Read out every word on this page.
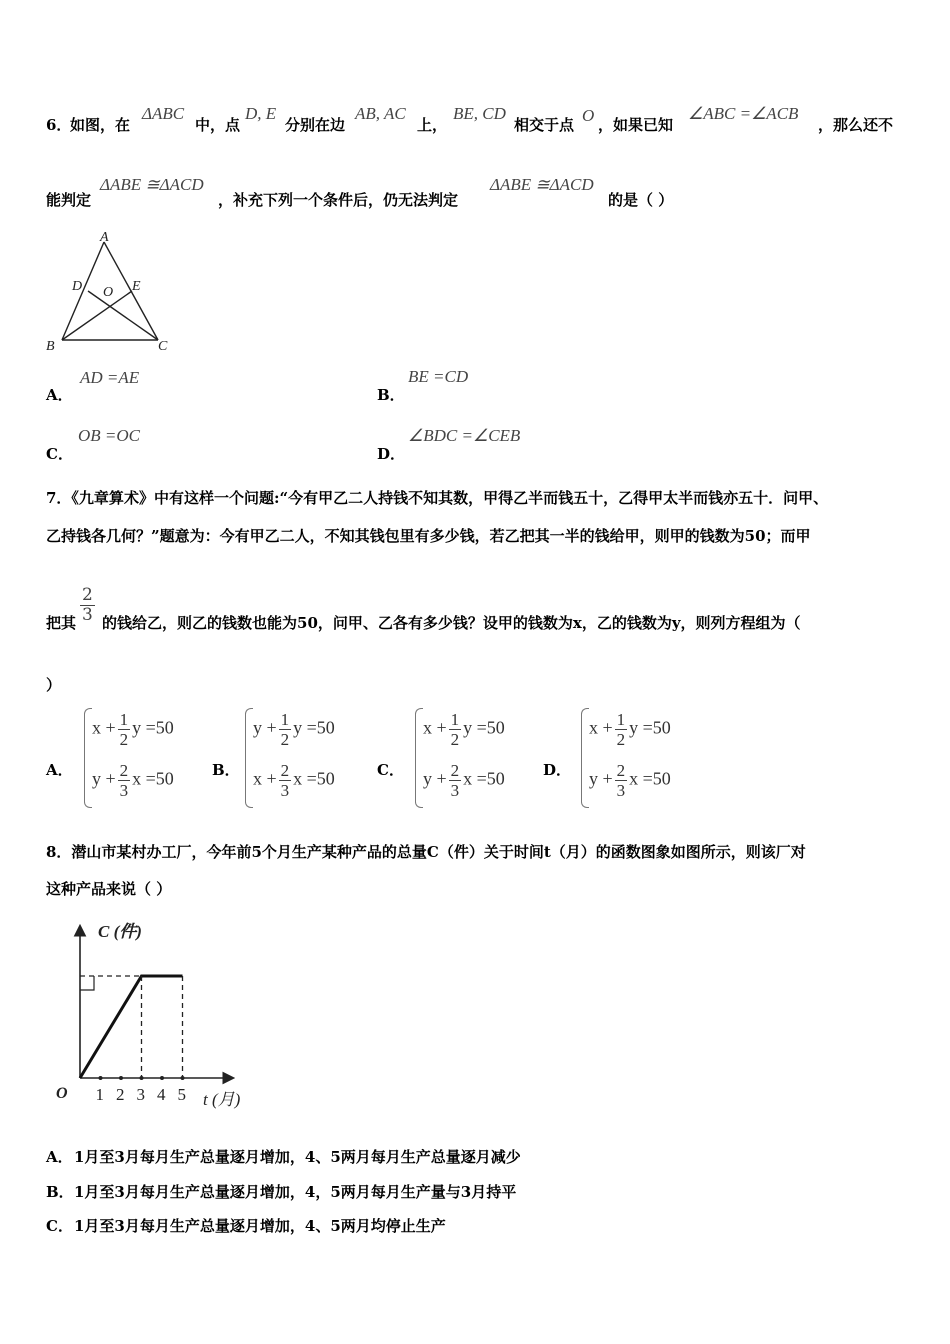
6．
如图，在
ΔABC
中，点
D, E
分别在边
AB, AC
上，
BE, CD
相交于点 O ，如果已知
∠ABC =∠ACB
，那么还不
能判定
ΔABE ≅ΔACD
，补充下列一个条件后，仍无法判定
ΔABE ≅ΔACD
的是（ ）
A
D O E
B	C
A．
AD =AE
B．
BE =CD
C．
OB =OC
D．
∠BDC =∠CEB
7．《九章算术》中有这样一个问题:“今有甲乙二人持钱不知其数，甲得乙半而钱五十，乙得甲太半而钱亦五十．问甲、
乙持钱各几何？”题意为：今有甲乙二人，不知其钱包里有多少钱，若乙把其一半的钱给甲，则甲的钱数为50；而甲
把其 $\frac{2}{3}$ 的钱给乙，则乙的钱数也能为50，问甲、乙各有多少钱？设甲的钱数为x，乙的钱数为y，则列方程组为（
）
A．
$x + \frac{1}{2}$ y =50
$y + \frac{2}{3}$ x =50	B．
$y + \frac{1}{2}$ y =50
$x + \frac{2}{3}$ x =50	C．
$x + \frac{1}{2}$ y =50
$y + \frac{2}{3}$ x =50	D．
$x + \frac{1}{2}$ y =50
$y + \frac{2}{3}$ x =50
8．潜山市某村办工厂，今年前5个月生产某种产品的总量C（件）关于时间t（月）的函数图象如图所示，则该厂对
这种产品来说（ ）
C (件)
t (月)
O 1 2 3 4 5
A． 1月至3月每月生产总量逐月增加，4、5两月每月生产总量逐月减少
B． 1月至3月每月生产总量逐月增加，4，5两月每月生产量与3月持平
C． 1月至3月每月生产总量逐月增加，4、5两月均停止生产
